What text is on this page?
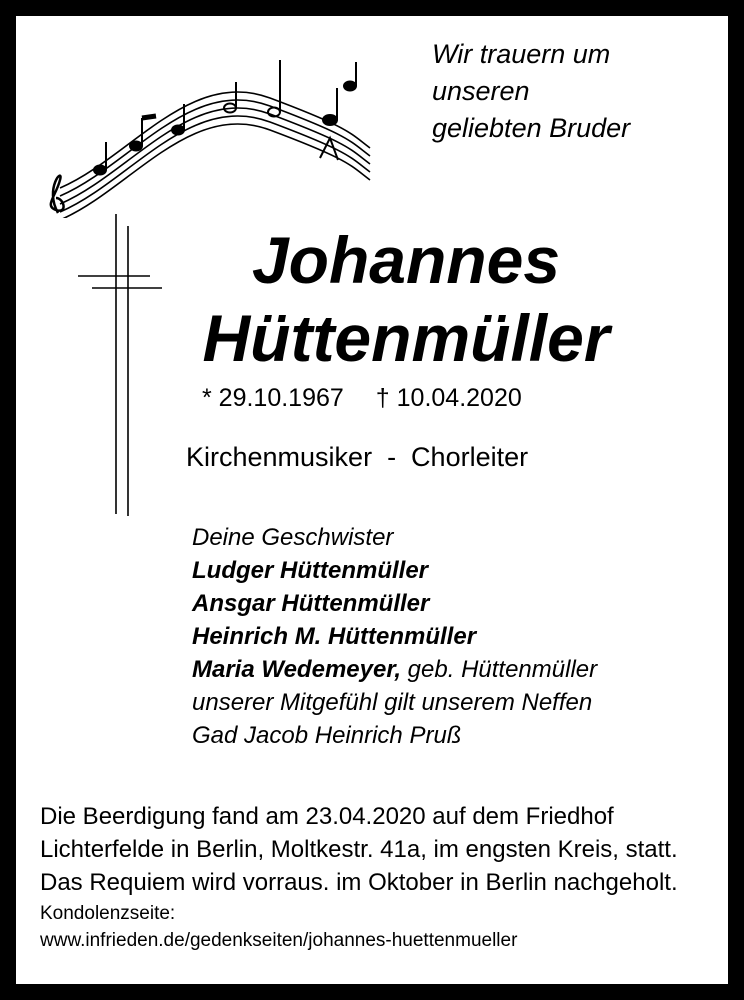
Wir trauern um
unseren
geliebten Bruder
Johannes
Hüttenmüller
* 29.10.1967 † 10.04.2020
Kirchenmusiker  -  Chorleiter
Deine Geschwister
Ludger Hüttenmüller
Ansgar Hüttenmüller
Heinrich M. Hüttenmüller
Maria Wedemeyer, geb. Hüttenmüller
unserer Mitgefühl gilt unserem Neffen
Gad Jacob Heinrich Pruß
Die Beerdigung fand am 23.04.2020 auf dem Friedhof
Lichterfelde in Berlin, Moltkestr. 41a, im engsten Kreis, statt.
Das Requiem wird vorraus. im Oktober in Berlin nachgeholt.
Kondolenzseite:
www.infrieden.de/gedenkseiten/johannes-huettenmueller
